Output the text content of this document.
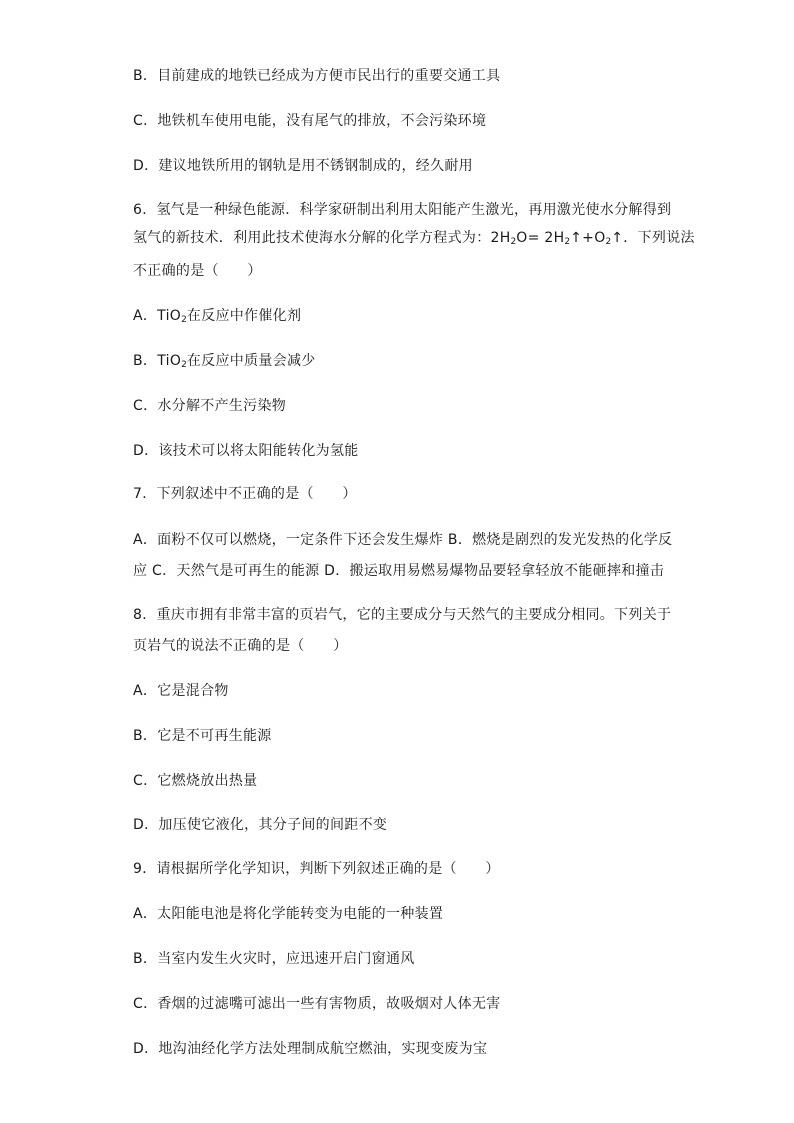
B．目前建成的地铁已经成为方便市民出行的重要交通工具
C．地铁机车使用电能，没有尾气的排放，不会污染环境
D．建议地铁所用的钢轨是用不锈钢制成的，经久耐用
6．氢气是一种绿色能源．科学家研制出利用太阳能产生激光，再用激光使水分解得到
氢气的新技术．利用此技术使海水分解的化学方程式为：$2H_2O=$ $2H_2↑+O_2↑$．下列说法
不正确的是（　　）
A．TiO$_2$在反应中作催化剂
B．TiO$_2$在反应中质量会减少
C．水分解不产生污染物
D．该技术可以将太阳能转化为氢能
7．下列叙述中不正确的是（　　）
A．面粉不仅可以燃烧，一定条件下还会发生爆炸 B．燃烧是剧烈的发光发热的化学反
应 C．天然气是可再生的能源 D．搬运取用易燃易爆物品要轻拿轻放不能砸摔和撞击
8．重庆市拥有非常丰富的页岩气，它的主要成分与天然气的主要成分相同。下列关于
页岩气的说法不正确的是（　　）
A．它是混合物
B．它是不可再生能源
C．它燃烧放出热量
D．加压使它液化，其分子间的间距不变
9．请根据所学化学知识，判断下列叙述正确的是（　　）
A．太阳能电池是将化学能转变为电能的一种装置
B．当室内发生火灾时，应迅速开启门窗通风
C．香烟的过滤嘴可滤出一些有害物质，故吸烟对人体无害
D．地沟油经化学方法处理制成航空燃油，实现变废为宝
